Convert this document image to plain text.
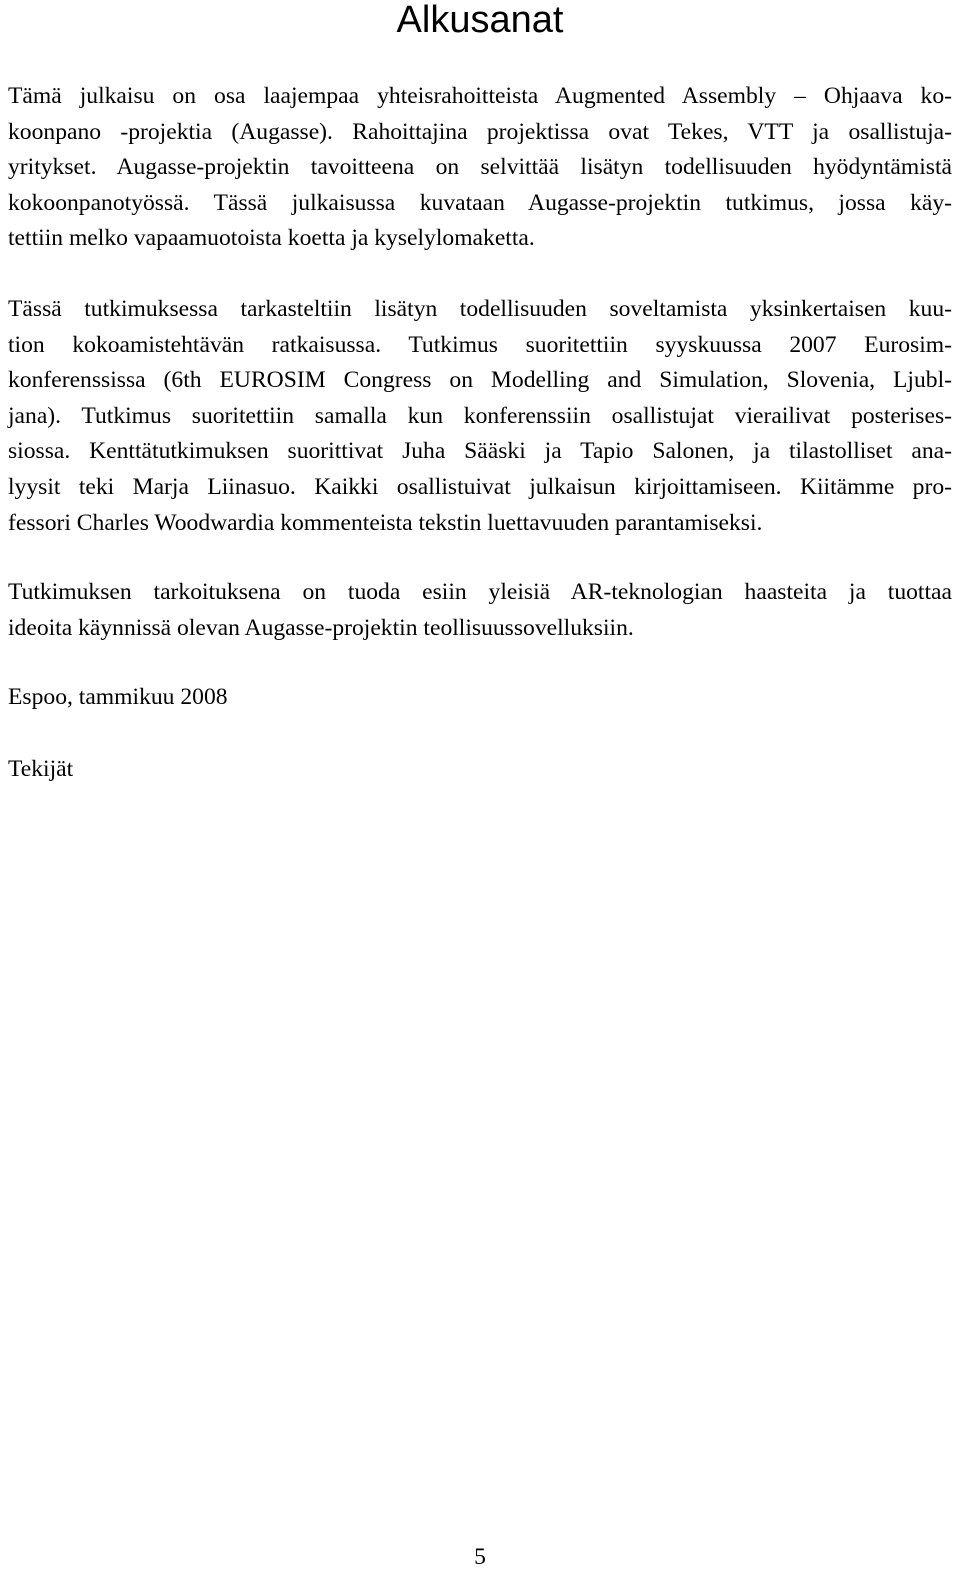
Alkusanat
Tämä julkaisu on osa laajempaa yhteisrahoitteista Augmented Assembly – Ohjaava ko-
koonpano -projektia (Augasse). Rahoittajina projektissa ovat Tekes, VTT ja osallistuja-
yritykset. Augasse-projektin tavoitteena on selvittää lisätyn todellisuuden hyödyntämistä
kokoonpanotyössä. Tässä julkaisussa kuvataan Augasse-projektin tutkimus, jossa käy-
tettiin melko vapaamuotoista koetta ja kyselylomaketta.
Tässä tutkimuksessa tarkasteltiin lisätyn todellisuuden soveltamista yksinkertaisen kuu-
tion kokoamistehtävän ratkaisussa. Tutkimus suoritettiin syyskuussa 2007 Eurosim-
konferenssissa (6th EUROSIM Congress on Modelling and Simulation, Slovenia, Ljubl-
jana). Tutkimus suoritettiin samalla kun konferenssiin osallistujat vierailivat posterises-
siossa. Kenttätutkimuksen suorittivat Juha Sääski ja Tapio Salonen, ja tilastolliset ana-
lyysit teki Marja Liinasuo. Kaikki osallistuivat julkaisun kirjoittamiseen. Kiitämme pro-
fessori Charles Woodwardia kommenteista tekstin luettavuuden parantamiseksi.
Tutkimuksen tarkoituksena on tuoda esiin yleisiä AR-teknologian haasteita ja tuottaa
ideoita käynnissä olevan Augasse-projektin teollisuussovelluksiin.
Espoo, tammikuu 2008
Tekijät
5
